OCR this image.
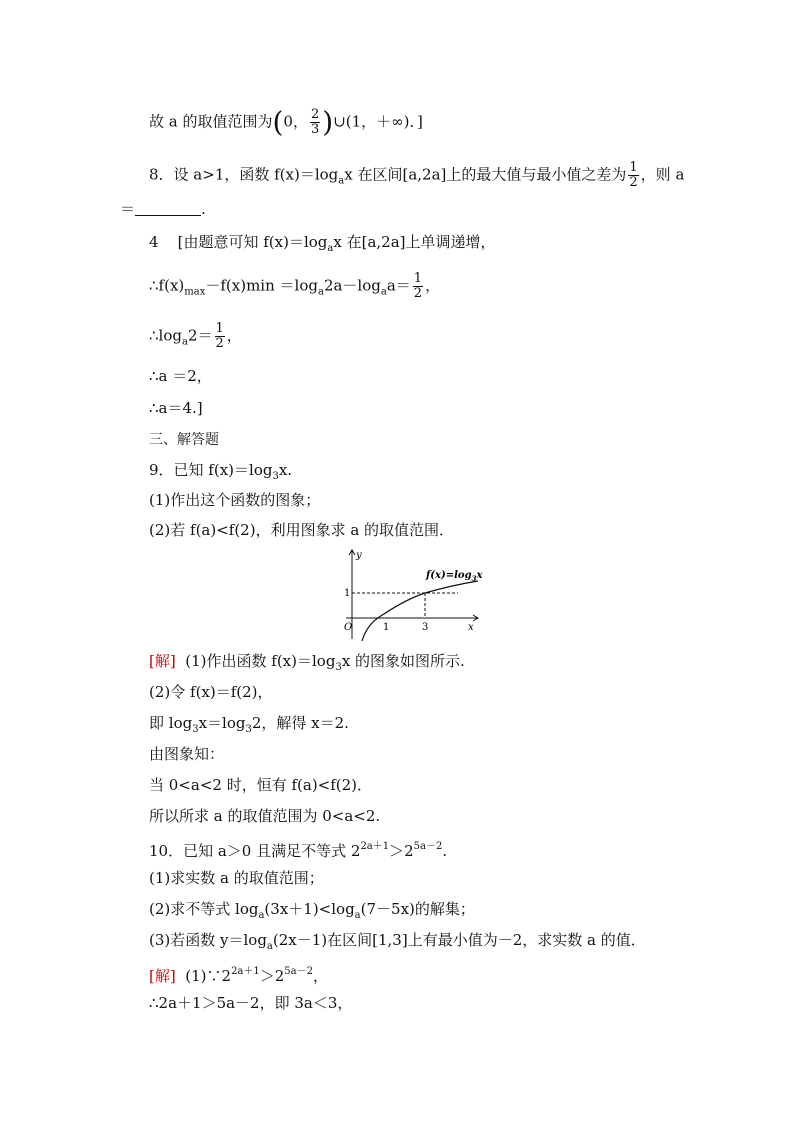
故 a 的取值范围为(0， $\frac{2}{3}$ )∪(1，＋∞)．]
8．设 a>1，函数 $f(x)=\log_ax$ 在区间[a,2a]上的最大值与最小值之差为 $\frac{1}{2}$ ，则 a
＝	.
4 [由题意可知 $f(x)=\log_ax$ 在[a,2a]上单调递增，
$\therefore f(x)_{max}-f(x)\min =\log_a2a-\log_aa= \frac{1}{2}$ ，
$\therefore\log_a2= \frac{1}{2}$ ，
∴a ＝2，
∴a＝4.]
三、解答题
9．已知 $f(x)=\log_3x$.
(1)作出这个函数的图象；
(2)若 f(a)<f(2)，利用图象求 a 的取值范围．
y
x
O
1
1	3
$f(x)=\log_3x$
[解] (1)作出函数 $f(x)=\log_3x$ 的图象如图所示.
(2)令 f(x)＝f(2)，
即 $\log_3x=\log_32$，解得 x＝2.
由图象知：
当 0<a<2 时，恒有 f(a)<f(2)．
所以所求 a 的取值范围为 0<a<2.
10．已知 a＞0 且满足不等式 $2^{2a+1}>2^{5a-2}$.
(1)求实数 a 的取值范围；
(2)求不等式 $\log_a(3x+1)<\log_a(7-5x)$的解集；
(3)若函数 $y=\log_a(2x-1)$在区间[1,3]上有最小值为－2，求实数 a 的值．
[解] $(1)\because 2^{2a+1}>2^{5a-2}$，
∴2a＋1＞5a－2，即 3a＜3，
